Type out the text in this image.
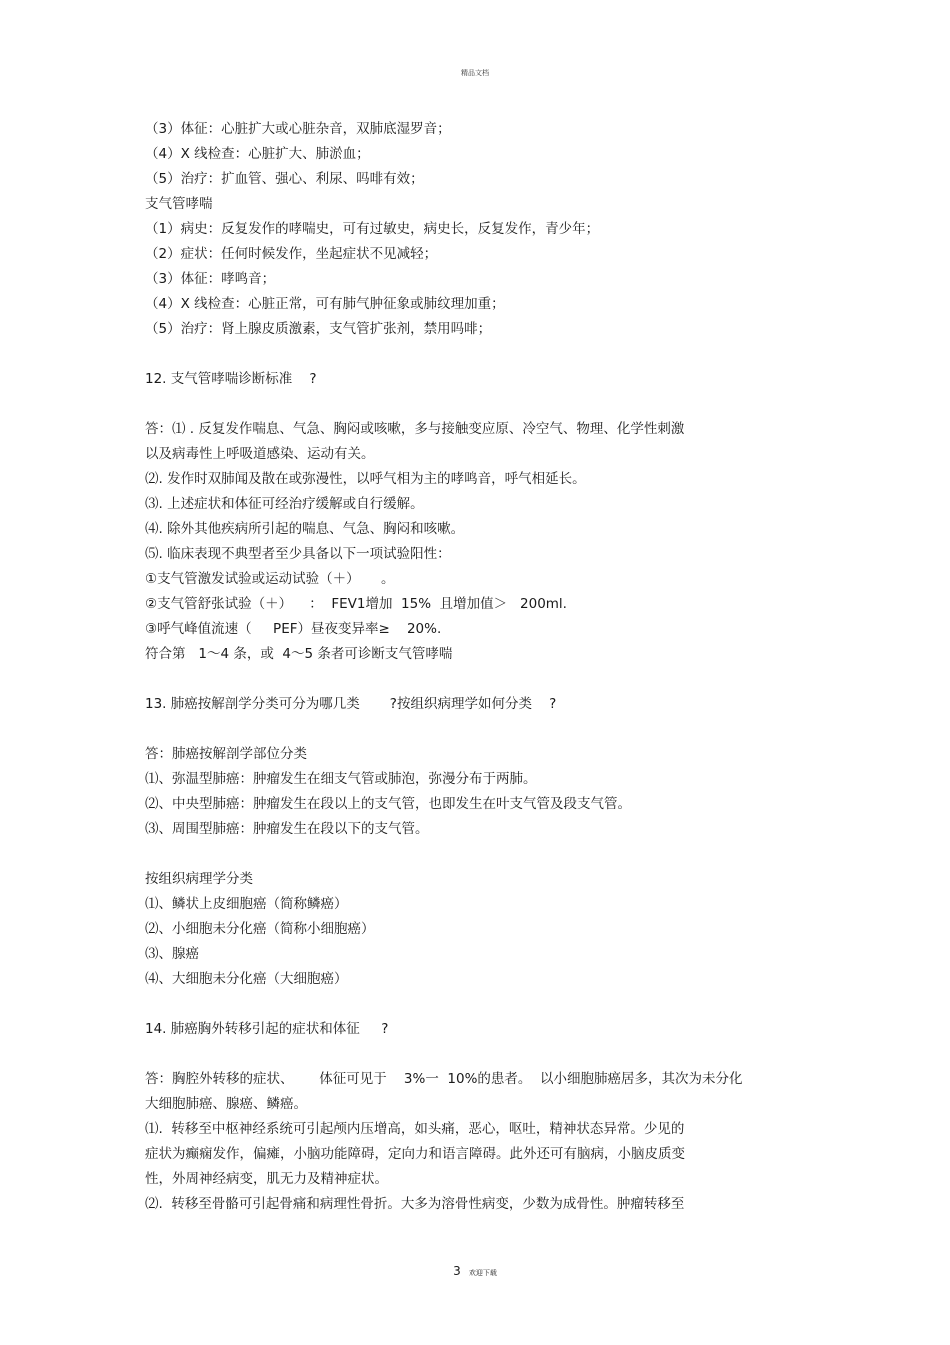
精品文档
（3）体征：心脏扩大或心脏杂音，双肺底湿罗音；
（4）X 线检查：心脏扩大、肺淤血；
（5）治疗：扩血管、强心、利尿、吗啡有效；
支气管哮喘
（1）病史：反复发作的哮喘史，可有过敏史，病史长，反复发作，青少年；
（2）症状：任何时候发作，坐起症状不见减轻；
（3）体征：哮鸣音；
（4）X 线检查：心脏正常，可有肺气肿征象或肺纹理加重；
（5）治疗：肾上腺皮质激素，支气管扩张剂，禁用吗啡；
12. 支气管哮喘诊断标准    ?
答：⑴ . 反复发作喘息、气急、胸闷或咳嗽，多与接触变应原、冷空气、物理、化学性刺激
以及病毒性上呼吸道感染、运动有关。
⑵. 发作时双肺闻及散在或弥漫性，以呼气相为主的哮鸣音，呼气相延长。
⑶. 上述症状和体征可经治疗缓解或自行缓解。
⑷. 除外其他疾病所引起的喘息、气急、胸闷和咳嗽。
⑸. 临床表现不典型者至少具备以下一项试验阳性：
①支气管激发试验或运动试验（＋）     。
②支气管舒张试验（＋）    ：  FEV1增加  15%  且增加值＞   200ml.
③呼气峰值流速（     PEF）昼夜变异率≥    20%.
符合第   1～4 条，或  4～5 条者可诊断支气管哮喘
13. 肺癌按解剖学分类可分为哪几类       ?按组织病理学如何分类    ?
答：肺癌按解剖学部位分类
⑴、弥温型肺癌：肿瘤发生在细支气管或肺泡，弥漫分布于两肺。
⑵、中央型肺癌：肿瘤发生在段以上的支气管，也即发生在叶支气管及段支气管。
⑶、周围型肺癌：肿瘤发生在段以下的支气管。
按组织病理学分类
⑴、鳞状上皮细胞癌（简称鳞癌）
⑵、小细胞未分化癌（简称小细胞癌）
⑶、腺癌
⑷、大细胞未分化癌（大细胞癌）
14. 肺癌胸外转移引起的症状和体征     ?
答：胸腔外转移的症状、      体征可见于    3%一  10%的患者。  以小细胞肺癌居多，其次为未分化
大细胞肺癌、腺癌、鳞癌。
⑴.  转移至中枢神经系统可引起颅内压增高，如头痛，恶心，呕吐，精神状态异常。少见的
症状为癫痫发作，偏瘫，小脑功能障碍，定向力和语言障碍。此外还可有脑病，小脑皮质变
性，外周神经病变，肌无力及精神症状。
⑵.  转移至骨骼可引起骨痛和病理性骨折。大多为溶骨性病变，少数为成骨性。肿瘤转移至
3 欢迎下载
